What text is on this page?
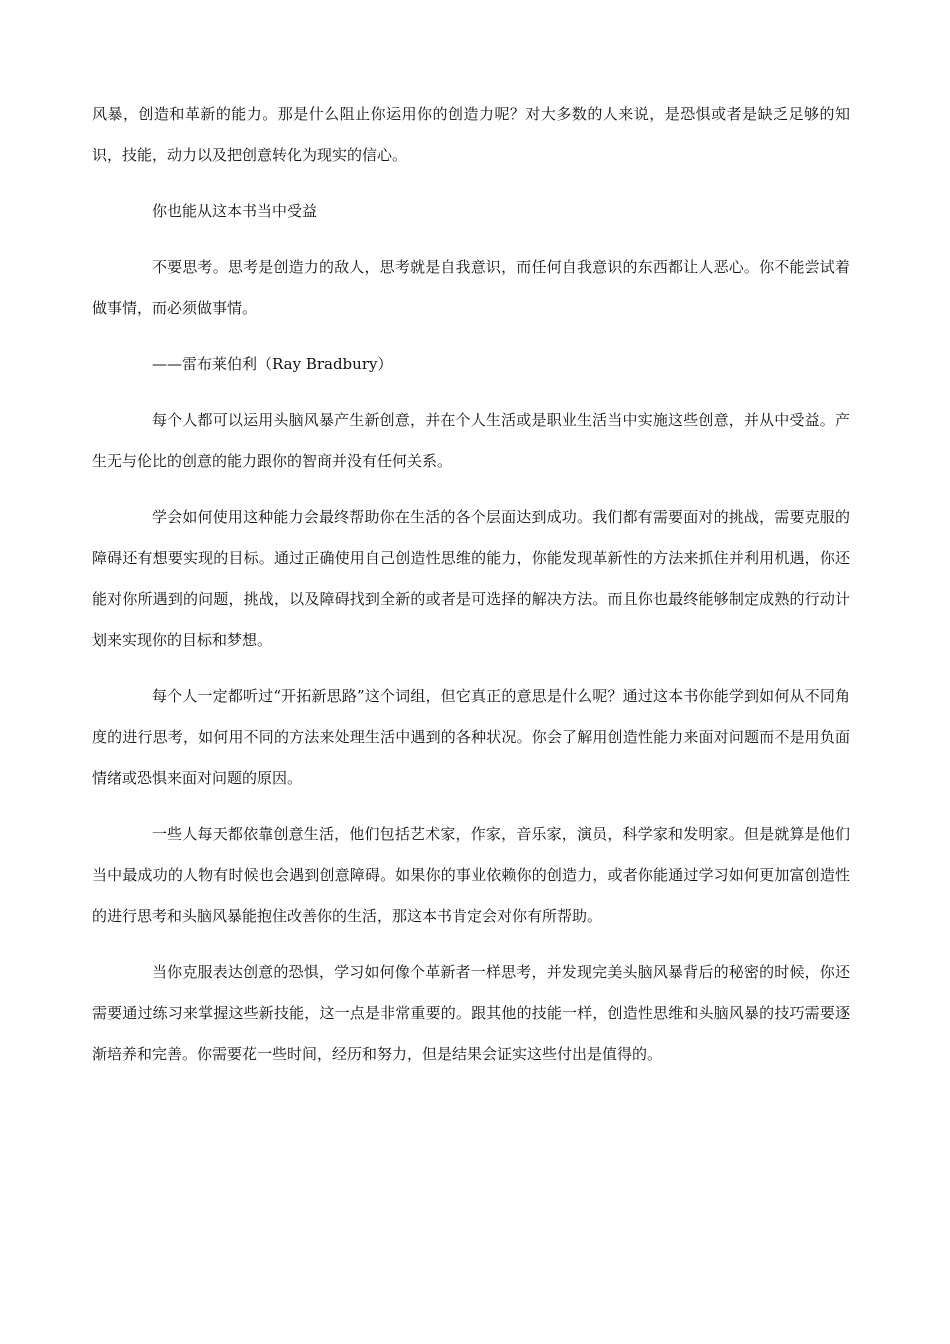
风暴，创造和革新的能力。那是什么阻止你运用你的创造力呢？对大多数的人来说，是恐惧或者是缺乏足够的知识，技能，动力以及把创意转化为现实的信心。

你也能从这本书当中受益

不要思考。思考是创造力的敌人，思考就是自我意识，而任何自我意识的东西都让人恶心。你不能尝试着做事情，而必须做事情。

——雷布莱伯利（Ray Bradbury）

每个人都可以运用头脑风暴产生新创意，并在个人生活或是职业生活当中实施这些创意，并从中受益。产生无与伦比的创意的能力跟你的智商并没有任何关系。

学会如何使用这种能力会最终帮助你在生活的各个层面达到成功。我们都有需要面对的挑战，需要克服的障碍还有想要实现的目标。通过正确使用自己创造性思维的能力，你能发现革新性的方法来抓住并利用机遇，你还能对你所遇到的问题，挑战，以及障碍找到全新的或者是可选择的解决方法。而且你也最终能够制定成熟的行动计划来实现你的目标和梦想。

每个人一定都听过“开拓新思路”这个词组，但它真正的意思是什么呢？通过这本书你能学到如何从不同角度的进行思考，如何用不同的方法来处理生活中遇到的各种状况。你会了解用创造性能力来面对问题而不是用负面情绪或恐惧来面对问题的原因。

一些人每天都依靠创意生活，他们包括艺术家，作家，音乐家，演员，科学家和发明家。但是就算是他们当中最成功的人物有时候也会遇到创意障碍。如果你的事业依赖你的创造力，或者你能通过学习如何更加富创造性的进行思考和头脑风暴能抱住改善你的生活，那这本书肯定会对你有所帮助。

当你克服表达创意的恐惧，学习如何像个革新者一样思考，并发现完美头脑风暴背后的秘密的时候，你还需要通过练习来掌握这些新技能，这一点是非常重要的。跟其他的技能一样，创造性思维和头脑风暴的技巧需要逐渐培养和完善。你需要花一些时间，经历和努力，但是结果会证实这些付出是值得的。
